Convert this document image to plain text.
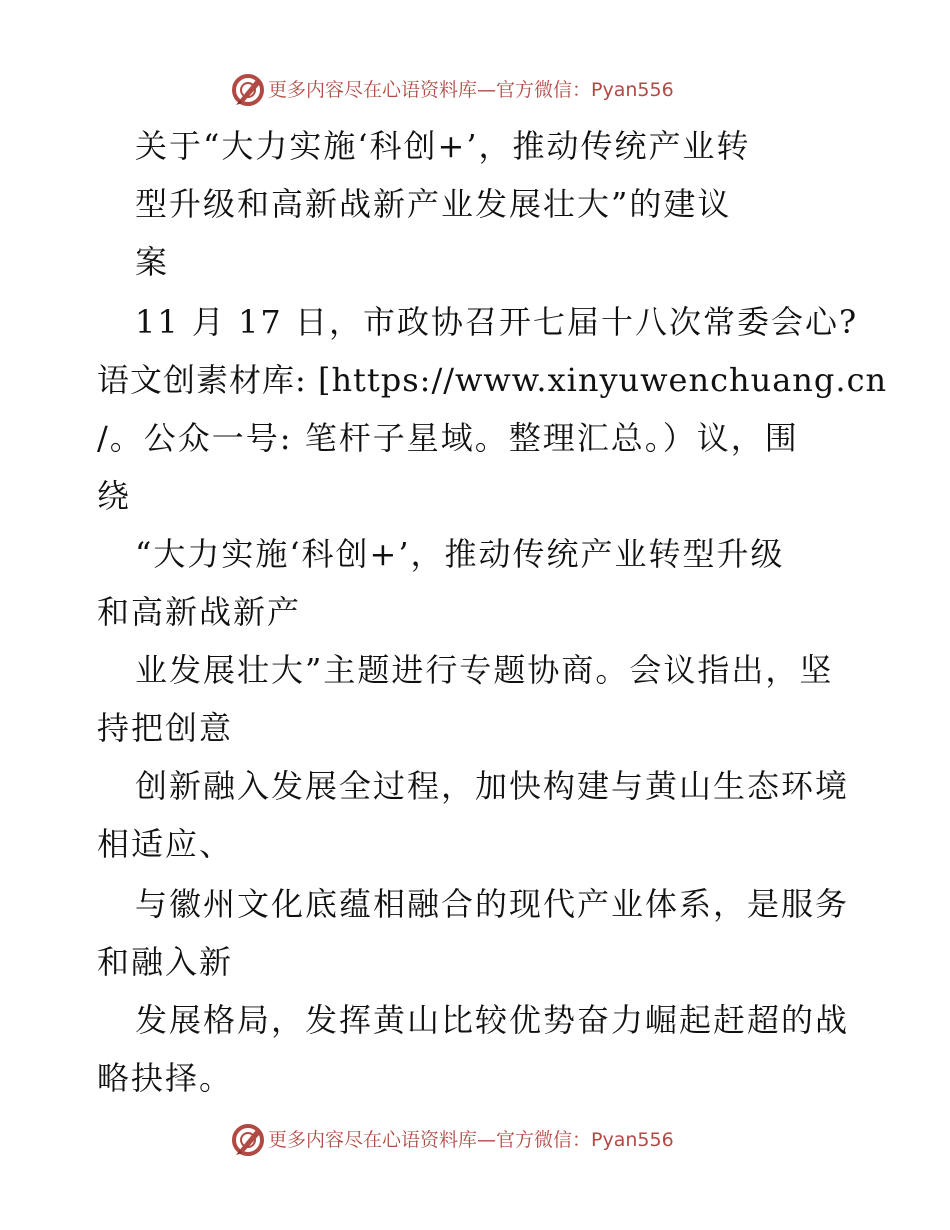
更多内容尽在心语资料库—官方微信：Pyan556
关于“大力实施‘科创+’，推动传统产业转
型升级和高新战新产业发展壮大”的建议
案
11 月 17 日，市政协召开七届十八次常委会心?
语文创素材库: [https://www.xinyuwenchuang.cn
/。公众一号: 笔杆子星域。整理汇总。）议，围
绕
“大力实施‘科创+’，推动传统产业转型升级
和高新战新产
业发展壮大”主题进行专题协商。会议指出，坚
持把创意
创新融入发展全过程，加快构建与黄山生态环境
相适应、
与徽州文化底蕴相融合的现代产业体系，是服务
和融入新
发展格局，发挥黄山比较优势奋力崛起赶超的战
略抉择。
更多内容尽在心语资料库—官方微信：Pyan556
